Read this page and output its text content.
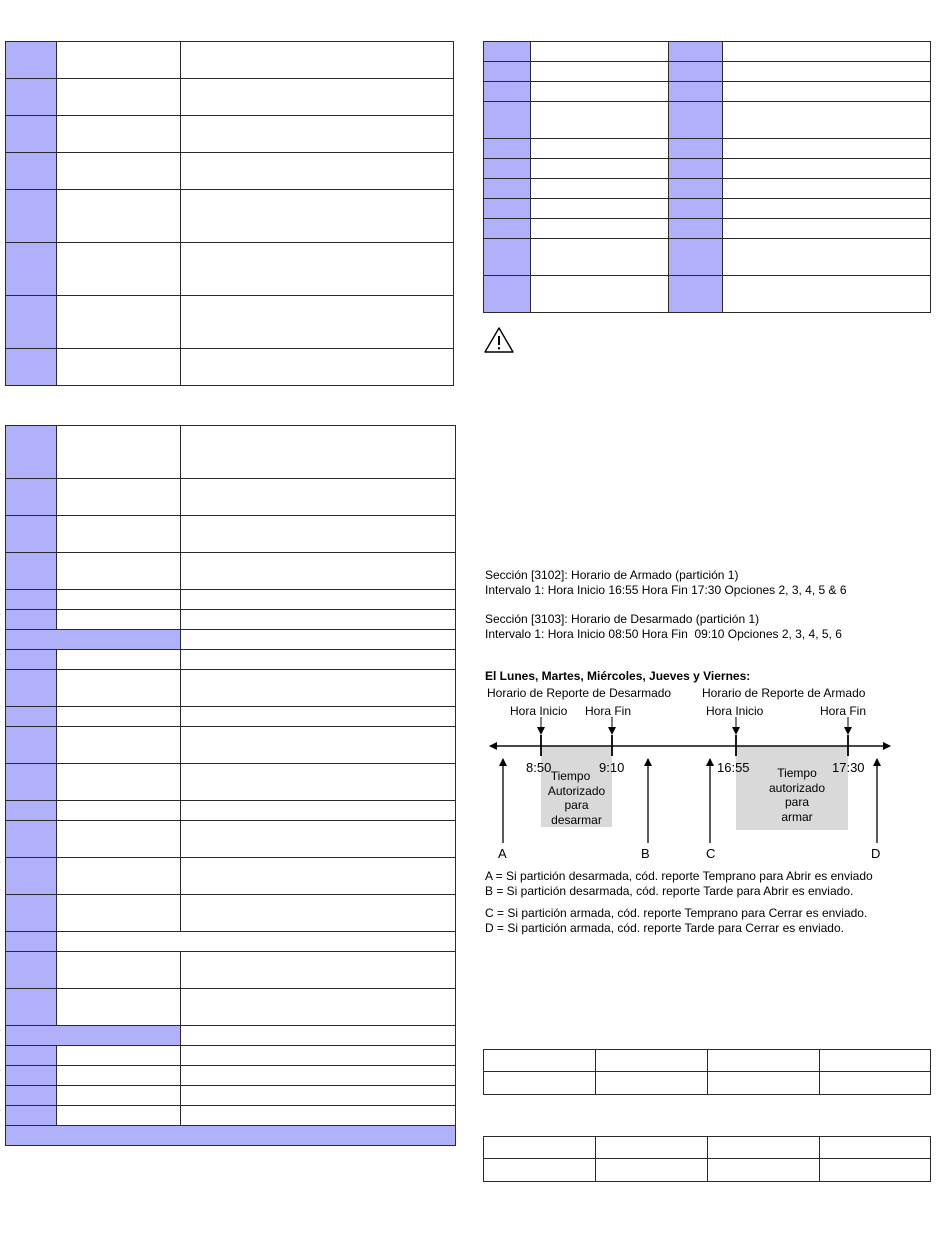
Sección [3102]: Horario de Armado (partición 1)
Intervalo 1: Hora Inicio 16:55 Hora Fin 17:30 Opciones 2, 3, 4, 5 & 6
Sección [3103]: Horario de Desarmado (partición 1)
Intervalo 1: Hora Inicio 08:50 Hora Fin  09:10 Opciones 2, 3, 4, 5, 6
El Lunes, Martes, Miércoles, Jueves y Viernes:
Horario de Reporte de Desarmado	Horario de Reporte de Armado
Hora Inicio Hora Fin	Hora Inicio	Hora Fin
8:50	9:10	16:55	17:30
Tiempo
Autorizado
para
desarmar
Tiempo
autorizado
para
armar
A	B	C	D
A = Si partición desarmada, cód. reporte Temprano para Abrir es enviado
B = Si partición desarmada, cód. reporte Tarde para Abrir es enviado.
C = Si partición armada, cód. reporte Temprano para Cerrar es enviado.
D = Si partición armada, cód. reporte Tarde para Cerrar es enviado.
